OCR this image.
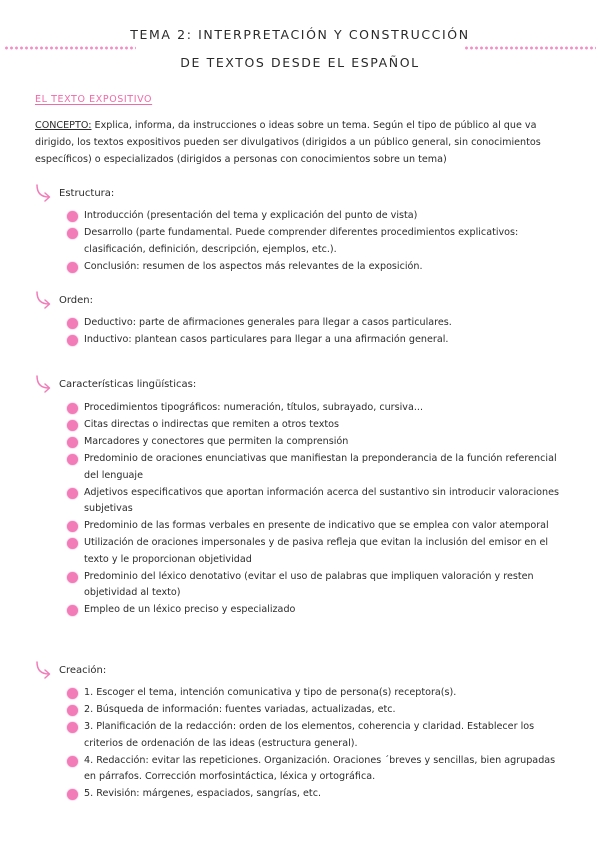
TEMA 2: INTERPRETACIÓN Y CONSTRUCCIÓN
DE TEXTOS DESDE EL ESPAÑOL
EL TEXTO EXPOSITIVO
CONCEPTO: Explica, informa, da instrucciones o ideas sobre un tema. Según el tipo de público al que va dirigido, los textos expositivos pueden ser divulgativos (dirigidos a un público general, sin conocimientos específicos) o especializados (dirigidos a personas con conocimientos sobre un tema)
Estructura:
Introducción (presentación del tema y explicación del punto de vista)
Desarrollo (parte fundamental. Puede comprender diferentes procedimientos explicativos: clasificación, definición, descripción, ejemplos, etc.).
Conclusión: resumen de los aspectos más relevantes de la exposición.
Orden:
Deductivo: parte de afirmaciones generales para llegar a casos particulares.
Inductivo: plantean casos particulares para llegar a una afirmación general.
Características lingüísticas:
Procedimientos tipográficos: numeración, títulos, subrayado, cursiva...
Citas directas o indirectas que remiten a otros textos
Marcadores y conectores que permiten la comprensión
Predominio de oraciones enunciativas que manifiestan la preponderancia de la función referencial del lenguaje
Adjetivos especificativos que aportan información acerca del sustantivo sin introducir valoraciones subjetivas
Predominio de las formas verbales en presente de indicativo que se emplea con valor atemporal
Utilización de oraciones impersonales y de pasiva refleja que evitan la inclusión del emisor en el texto y le proporcionan objetividad
Predominio del léxico denotativo (evitar el uso de palabras que impliquen valoración y resten objetividad al texto)
Empleo de un léxico preciso y especializado
Creación:
1. Escoger el tema, intención comunicativa y tipo de persona(s) receptora(s).
2. Búsqueda de información: fuentes variadas, actualizadas, etc.
3. Planificación de la redacción: orden de los elementos, coherencia y claridad. Establecer los criterios de ordenación de las ideas (estructura general).
4. Redacción: evitar las repeticiones. Organización. Oraciones ´breves y sencillas, bien agrupadas en párrafos. Corrección morfosintáctica, léxica y ortográfica.
5. Revisión: márgenes, espaciados, sangrías, etc.
